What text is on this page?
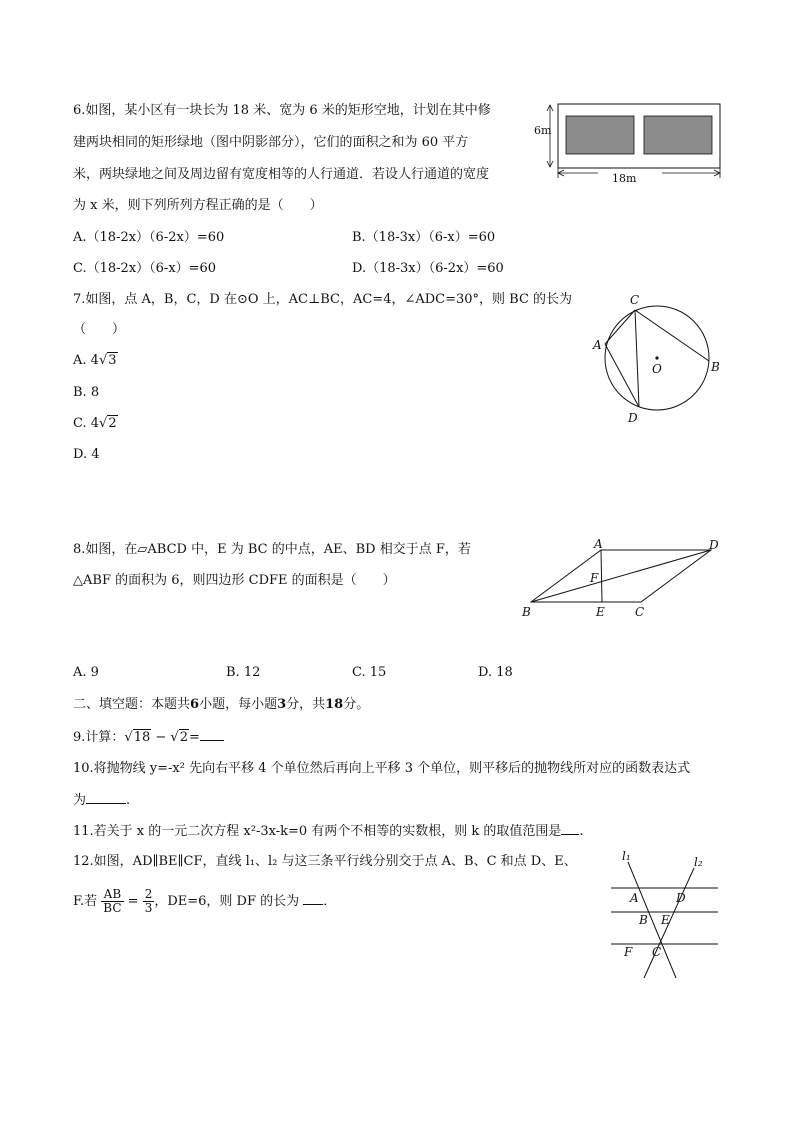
6.如图，某小区有一块长为 18 米、宽为 6 米的矩形空地，计划在其中修
建两块相同的矩形绿地（图中阴影部分），它们的面积之和为 60 平方
米，两块绿地之间及周边留有宽度相等的人行通道．若设人行通道的宽度
为 x 米，则下列所列方程正确的是（　　）
A.（18-2x）（6-2x）=60	B.（18-3x）（6-x）=60
C.（18-2x）（6-x）=60	D.（18-3x）（6-2x）=60
6m
18m
7.如图，点 A，B，C，D 在⊙O 上，AC⊥BC，AC=4，∠ADC=30°，则 BC 的长为
（　　）
A. 4√3
B. 8
C. 4√2
D. 4
C
A
O	B
D
8.如图，在▱ABCD 中，E 为 BC 的中点，AE、BD 相交于点 F，若
△ABF 的面积为 6，则四边形 CDFE 的面积是（　　）
A. 9	B. 12	C. 15	D. 18
A	D
F
B	E	C
二、填空题：本题共6小题，每小题3分，共18分。
9.计算：√18 − √2=
10.将抛物线 y=-x² 先向右平移 4 个单位然后再向上平移 3 个单位，则平移后的抛物线所对应的函数表达式
为	.
11.若关于 x 的一元二次方程 x²-3x-k=0 有两个不相等的实数根，则 k 的取值范围是 .
12.如图，AD∥BE∥CF，直线 l₁、l₂ 与这三条平行线分别交于点 A、B、C 和点 D、E、
F.若 $\frac{AB}{BC} = \frac{2}{3}$ ，DE=6，则 DF 的长为 ．
l₁	l₂
A	D
B E
F C
